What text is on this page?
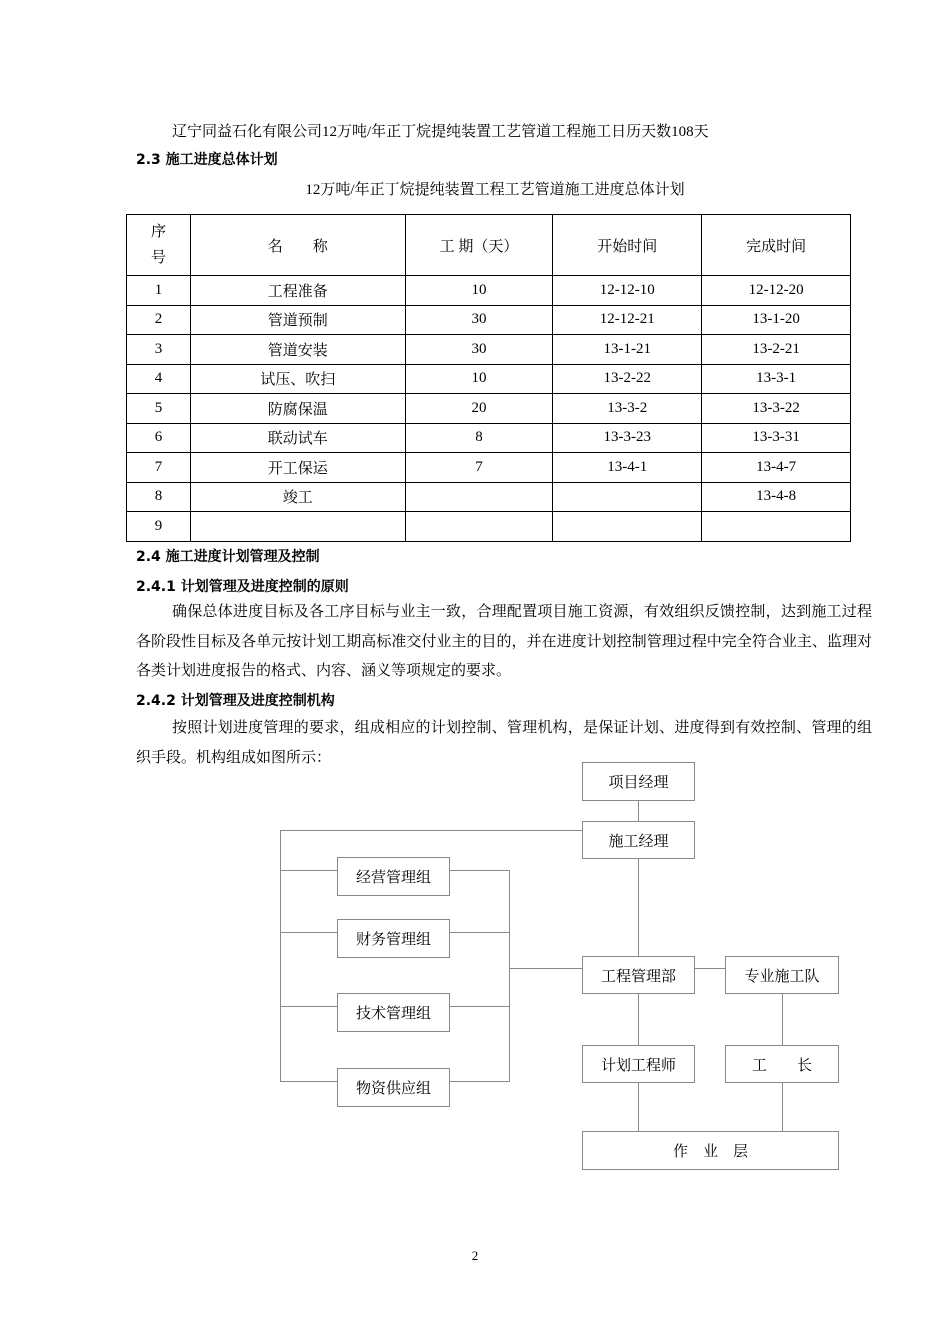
辽宁同益石化有限公司12万吨/年正丁烷提纯装置工艺管道工程施工日历天数108天
2.3 施工进度总体计划
12万吨/年正丁烷提纯装置工程工艺管道施工进度总体计划
序
号	名　　称	工 期（天）	开始时间	完成时间
1	工程准备	10	12-12-10	12-12-20
2	管道预制	30	12-12-21	13-1-20
3	管道安装	30	13-1-21	13-2-21
4	试压、吹扫	10	13-2-22	13-3-1
5	防腐保温	20	13-3-2	13-3-22
6	联动试车	8	13-3-23	13-3-31
7	开工保运	7	13-4-1	13-4-7
8	竣工			13-4-8
9				
2.4 施工进度计划管理及控制
2.4.1 计划管理及进度控制的原则
确保总体进度目标及各工序目标与业主一致，合理配置项目施工资源，有效组织反馈控制，达到施工过程各阶段性目标及各单元按计划工期高标准交付业主的目的，并在进度计划控制管理过程中完全符合业主、监理对各类计划进度报告的格式、内容、涵义等项规定的要求。
2.4.2 计划管理及进度控制机构
按照计划进度管理的要求，组成相应的计划控制、管理机构，是保证计划、进度得到有效控制、管理的组织手段。机构组成如图所示：
项目经理
施工经理
经营管理组
财务管理组
技术管理组
物资供应组
工程管理部	专业施工队
计划工程师	工　　长
作　业　层
2
